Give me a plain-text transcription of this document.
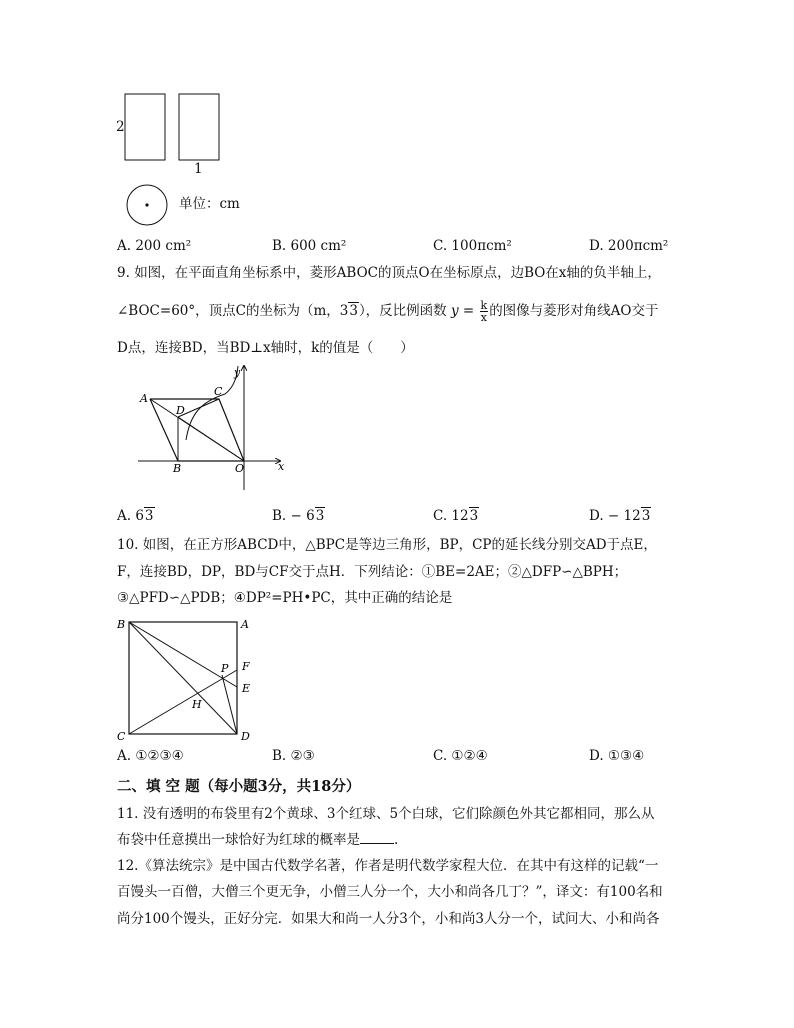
2
1
单位：cm
A. 200 cm²	B. 600 cm²	C. 100πcm²	D. 200πcm²
9. 如图，在平面直角坐标系中，菱形ABOC的顶点O在坐标原点，边BO在x轴的负半轴上，
∠BOC=60°，顶点C的坐标为（m，33），反比例函数 $y = \frac{k}{x}$ 的图像与菱形对角线AO交于
D点，连接BD，当BD⊥x轴时，k的值是（　　）
A
D
C
B	O	x
y
A. 63	B. − 63	C. 123	D. − 123
10. 如图，在正方形ABCD中，△BPC是等边三角形，BP，CP的延长线分别交AD于点E，
F，连接BD，DP，BD与CF交于点H．下列结论：①BE=2AE；②△DFP∽△BPH；
③△PFD∽△PDB；④DP²=PH•PC，其中正确的结论是
B	A
P F
E
H
C	D
A. ①②③④	B. ②③	C. ①②④	D. ①③④
二、填 空 题（每小题3分，共18分）
11. 没有透明的布袋里有2个黄球、3个红球、5个白球，它们除颜色外其它都相同，那么从
布袋中任意摸出一球恰好为红球的概率是	.
12.《算法统宗》是中国古代数学名著，作者是明代数学家程大位．在其中有这样的记载“一
百馒头一百僧，大僧三个更无争，小僧三人分一个，大小和尚各几丁？”，译文：有100名和
尚分100个馒头，正好分完．如果大和尚一人分3个，小和尚3人分一个，试问大、小和尚各
